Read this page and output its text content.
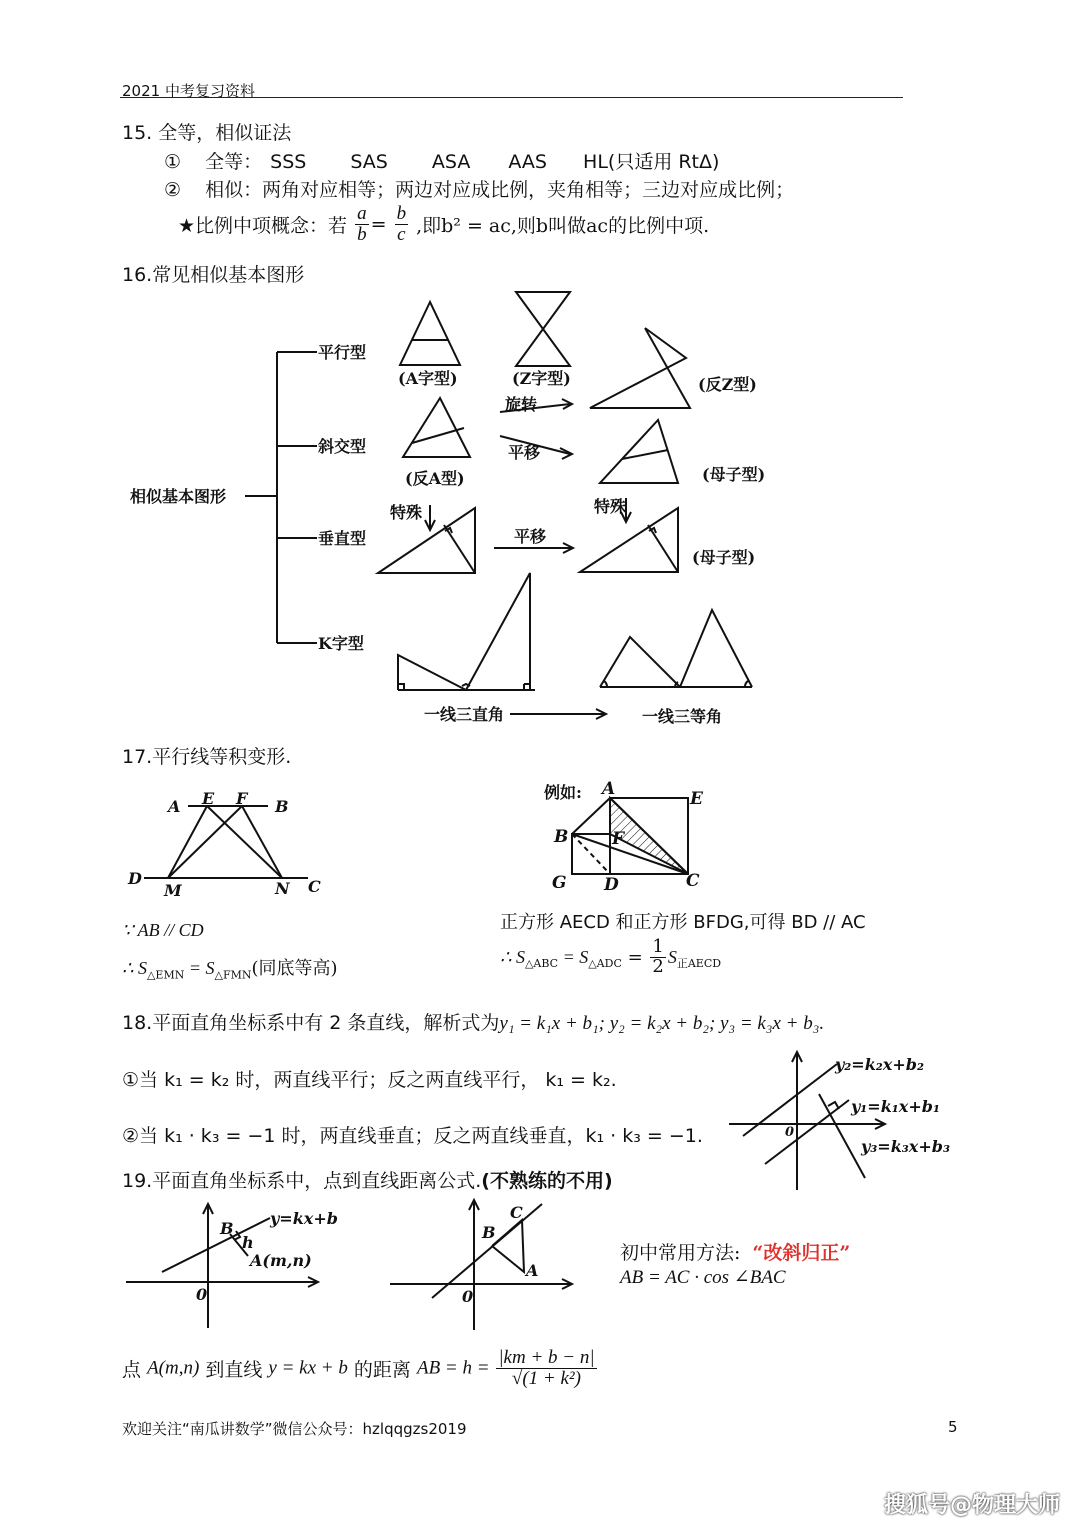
2021 中考复习资料
15. 全等，相似证法
① 全等： SSS SAS ASA AAS HL(只适用 RtΔ)
② 相似：两角对应相等；两边对应成比例，夹角相等；三边对应成比例；
★比例中项概念：若 $\frac{a}{b} = \frac{b}{c}$ ,即b² = ac,则b叫做ac的比例中项.
16.常见相似基本图形
相似基本图形
平行型
斜交型
垂直型
K字型
(A字型)	(Z字型)	(反Z型)
旋转
平移
(反A型)	(母子型)
特殊	特殊
平移
(母子型)
一线三直角	一线三等角
17.平行线等积变形.
A E F B
D
M	N C
例如: A	E
B	F
G D	C
∵ AB // CD
∴ $S_{\triangle EMN} = S_{\triangle FMN}$(同底等高)
正方形 AECD 和正方形 BFDG,可得 BD // AC
∴ $S_{\triangle ABC} = S_{\triangle ADC} = \frac{1}{2} S_{正AECD}$
18.平面直角坐标系中有 2 条直线，解析式为y₁ = k₁x + b₁; y₂ = k₂x + b₂; y₃ = k₃x + b₃.
①当 k₁ = k₂ 时，两直线平行；反之两直线平行， k₁ = k₂.
②当 k₁ · k₃ = −1 时，两直线垂直；反之两直线垂直，k₁ · k₃ = −1.
y₂=k₂x+b₂
y₁=k₁x+b₁
y₃=k₃x+b₃
0
19.平面直角坐标系中，点到直线距离公式.(不熟练的不用)
B
y=kx+b
h
A(m,n)
0
C
B
A
0
初中常用方法: “改斜归正”
AB = AC · cos ∠BAC
点 A(m,n) 到直线 y = kx + b 的距离 AB = $h = \frac{|km + b - n|}{\text{√(1 + k²)}}$
欢迎关注“南瓜讲数学”微信公众号：hzlqqgzs2019	5
搜狐号@物理大师
